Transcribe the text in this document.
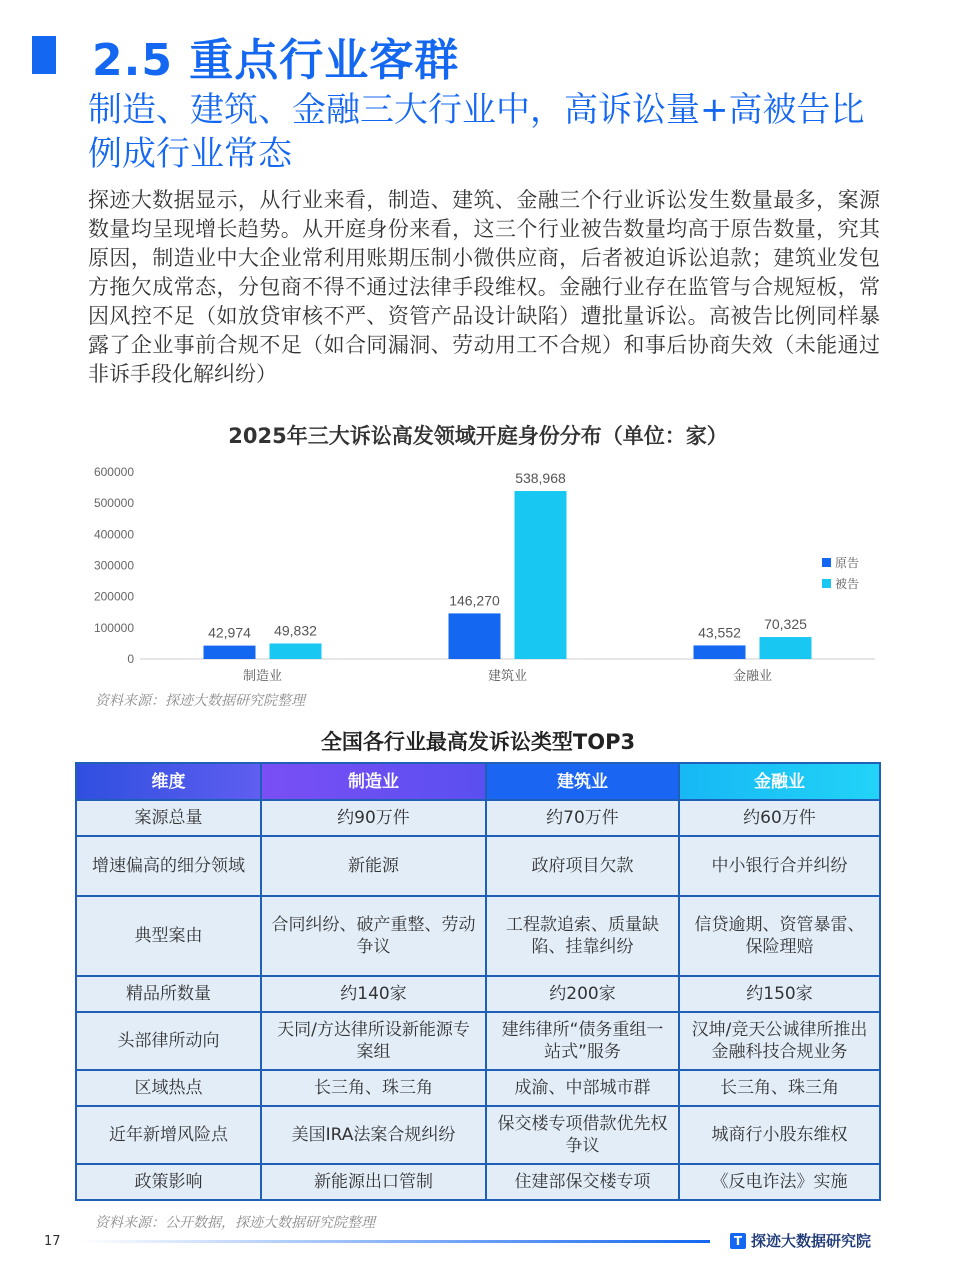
2.5 重点行业客群
制造、建筑、金融三大行业中，高诉讼量+高被告比例成行业常态
探迹大数据显示，从行业来看，制造、建筑、金融三个行业诉讼发生数量最多，案源数量均呈现增长趋势。从开庭身份来看，这三个行业被告数量均高于原告数量，究其原因，制造业中大企业常利用账期压制小微供应商，后者被迫诉讼追款；建筑业发包方拖欠成常态，分包商不得不通过法律手段维权。金融行业存在监管与合规短板，常因风控不足（如放贷审核不严、资管产品设计缺陷）遭批量诉讼。高被告比例同样暴露了企业事前合规不足（如合同漏洞、劳动用工不合规）和事后协商失效（未能通过非诉手段化解纠纷）
2025年三大诉讼高发领域开庭身份分布（单位：家）
0
100000
200000
300000
400000
500000
600000
42,974 49,832
制造业
146,270
538,968
建筑业
43,552
70,325
金融业
原告
被告
资料来源：探迹大数据研究院整理
全国各行业最高发诉讼类型TOP3
维度	制造业	建筑业	金融业
案源总量	约90万件	约70万件	约60万件
增速偏高的细分领域	新能源	政府项目欠款	中小银行合并纠纷
典型案由	合同纠纷、破产重整、劳动争议	工程款追索、质量缺陷、挂靠纠纷	信贷逾期、资管暴雷、保险理赔
精品所数量	约140家	约200家	约150家
头部律所动向	天同/方达律所设新能源专案组	建纬律所“债务重组一站式”服务	汉坤/竞天公诚律所推出金融科技合规业务
区域热点	长三角、珠三角	成渝、中部城市群	长三角、珠三角
近年新增风险点	美国IRA法案合规纠纷	保交楼专项借款优先权争议	城商行小股东维权
政策影响	新能源出口管制	住建部保交楼专项	《反电诈法》实施
资料来源：公开数据，探迹大数据研究院整理
17	T 探迹大数据研究院
